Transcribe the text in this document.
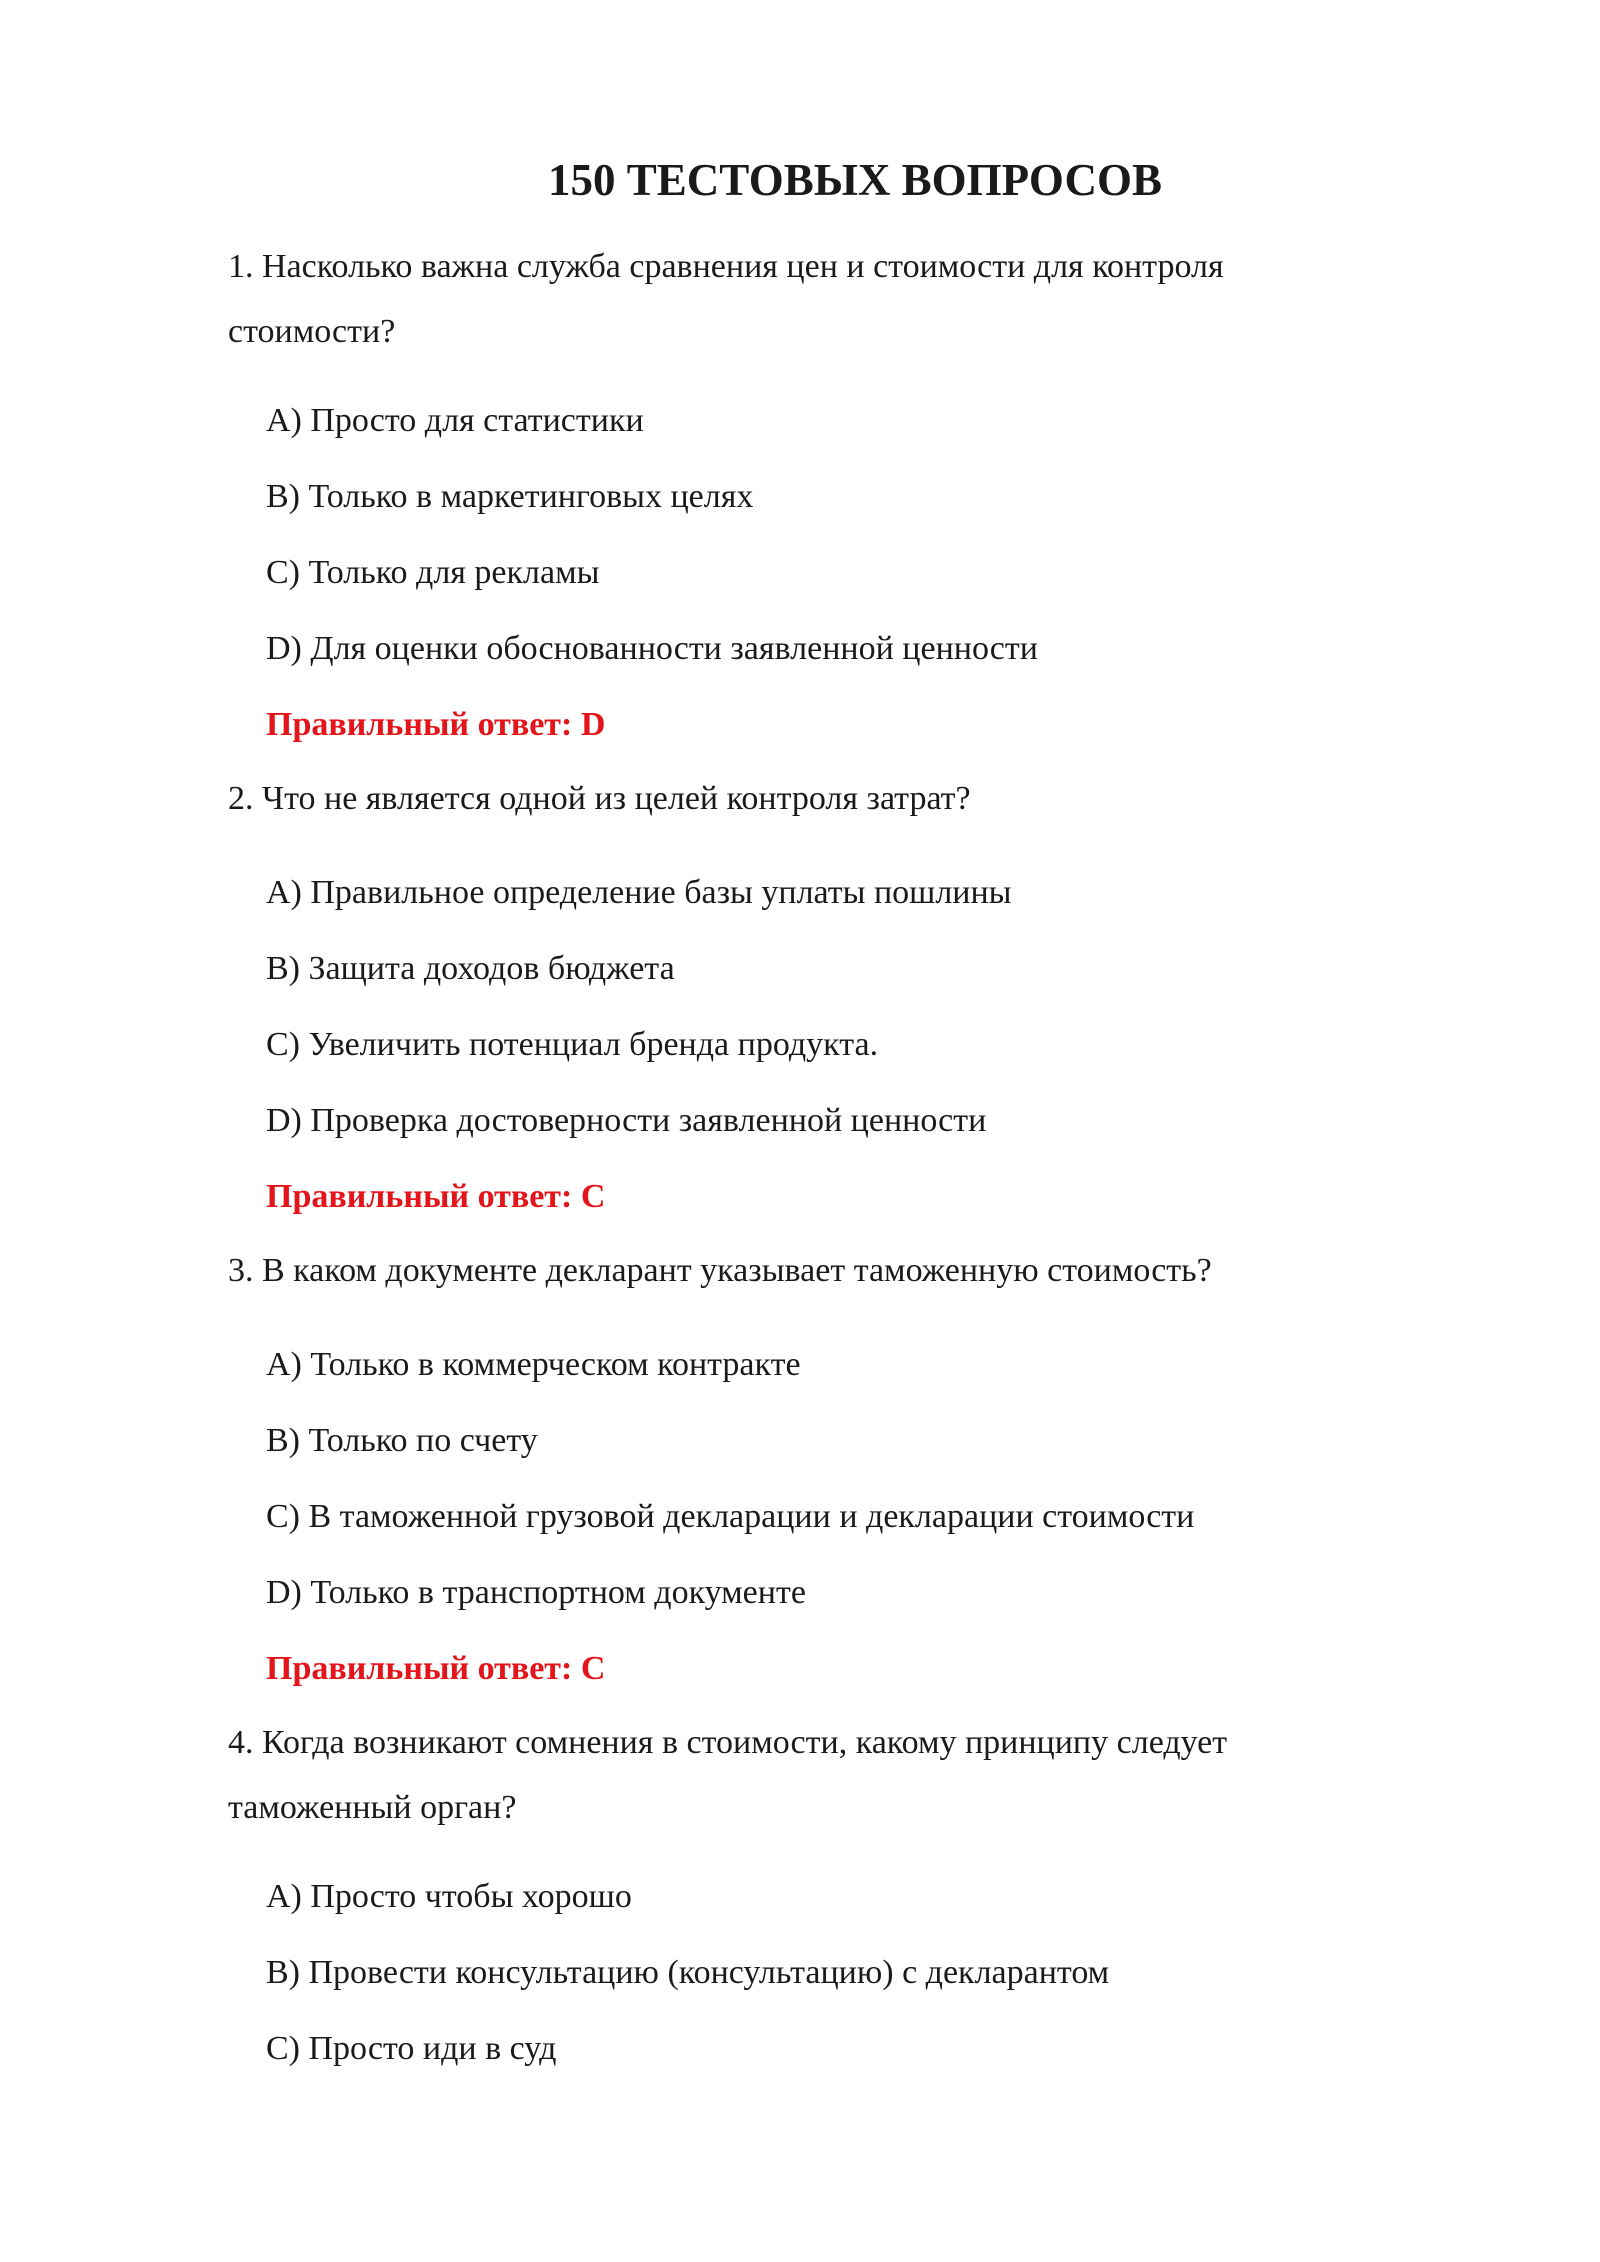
150 ТЕСТОВЫХ ВОПРОСОВ

1. Насколько важна служба сравнения цен и стоимости для контроля стоимости?

A) Просто для статистики

B) Только в маркетинговых целях

C) Только для рекламы

D) Для оценки обоснованности заявленной ценности

Правильный ответ: D

2. Что не является одной из целей контроля затрат?

A) Правильное определение базы уплаты пошлины

B) Защита доходов бюджета

C) Увеличить потенциал бренда продукта.

D) Проверка достоверности заявленной ценности

Правильный ответ: C

3. В каком документе декларант указывает таможенную стоимость?

A) Только в коммерческом контракте

B) Только по счету

C) В таможенной грузовой декларации и декларации стоимости

D) Только в транспортном документе

Правильный ответ: C

4. Когда возникают сомнения в стоимости, какому принципу следует таможенный орган?

A) Просто чтобы хорошо

B) Провести консультацию (консультацию) с декларантом

C) Просто иди в суд
